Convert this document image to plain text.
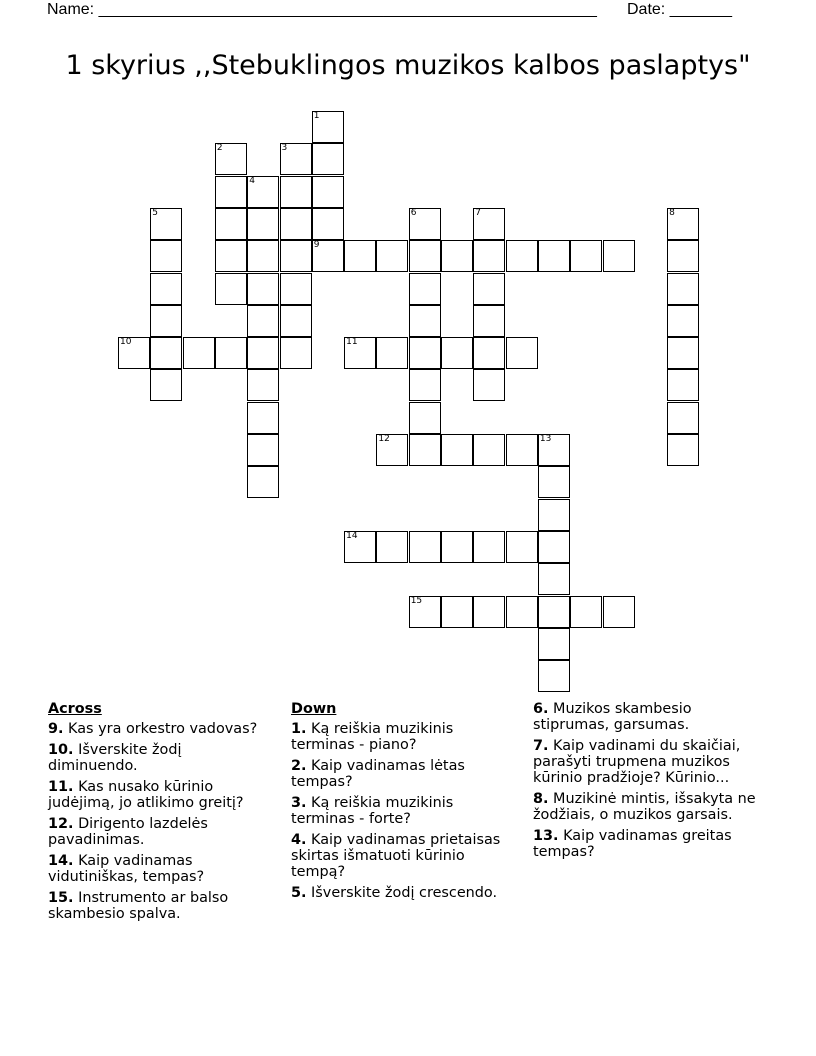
Name: ________________________________________________________ Date: _______
1 skyrius ,,Stebuklingos muzikos kalbos paslaptys"
1
2	3
4
5	6	7	8
9
10	11
12	13
14
15
Across
9. Kas yra orkestro vadovas?
10. Išverskite žodį diminuendo.
11. Kas nusako kūrinio judėjimą, jo atlikimo greitį?
12. Dirigento lazdelės pavadinimas.
14. Kaip vadinamas vidutiniškas, tempas?
15. Instrumento ar balso skambesio spalva.
Down
1. Ką reiškia muzikinis terminas - piano?
2. Kaip vadinamas lėtas tempas?
3. Ką reiškia muzikinis terminas - forte?
4. Kaip vadinamas prietaisas skirtas išmatuoti kūrinio tempą?
5. Išverskite žodį crescendo.
6. Muzikos skambesio stiprumas, garsumas.
7. Kaip vadinami du skaičiai, parašyti trupmena muzikos kūrinio pradžioje? Kūrinio...
8. Muzikinė mintis, išsakyta ne žodžiais, o muzikos garsais.
13. Kaip vadinamas greitas tempas?
